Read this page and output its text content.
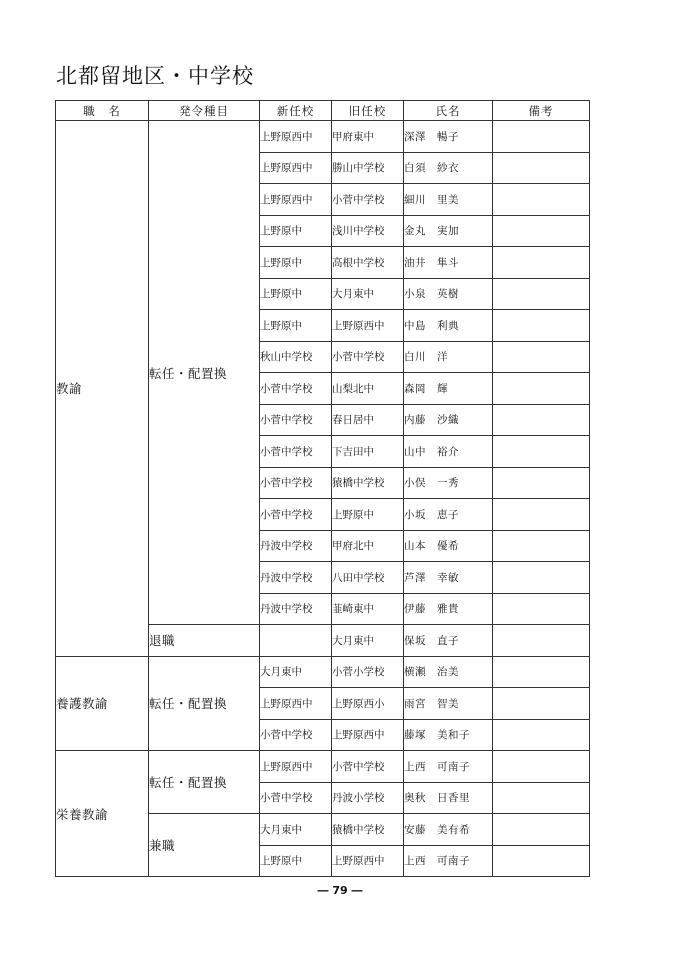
北都留地区・中学校
職　名	発令種目	新任校	旧任校	氏名	備考
教諭	転任・配置換	上野原西中	甲府東中	深澤　暢子	
		上野原西中	勝山中学校	白須　紗衣	
		上野原西中	小菅中学校	細川　里美	
		上野原中	浅川中学校	金丸　実加	
		上野原中	高根中学校	油井　隼斗	
		上野原中	大月東中	小泉　英樹	
		上野原中	上野原西中	中島　利典	
		秋山中学校	小菅中学校	白川　洋	
		小菅中学校	山梨北中	森岡　輝	
		小菅中学校	春日居中	内藤　沙織	
		小菅中学校	下吉田中	山中　裕介	
		小菅中学校	猿橋中学校	小俣　一秀	
		小菅中学校	上野原中	小坂　恵子	
		丹波中学校	甲府北中	山本　優希	
		丹波中学校	八田中学校	芦澤　幸敏	
		丹波中学校	韮崎東中	伊藤　雅貴	
	退職		大月東中	保坂　直子	
養護教諭	転任・配置換	大月東中	小菅小学校	横瀬　治美	
		上野原西中	上野原西小	雨宮　智美	
		小菅中学校	上野原西中	藤塚　美和子	
栄養教諭	転任・配置換	上野原西中	小菅中学校	上西　可南子	
		小菅中学校	丹波小学校	奥秋　日香里	
	兼職	大月東中	猿橋中学校	安藤　美有希	
		上野原中	上野原西中	上西　可南子	
― 79 ―
